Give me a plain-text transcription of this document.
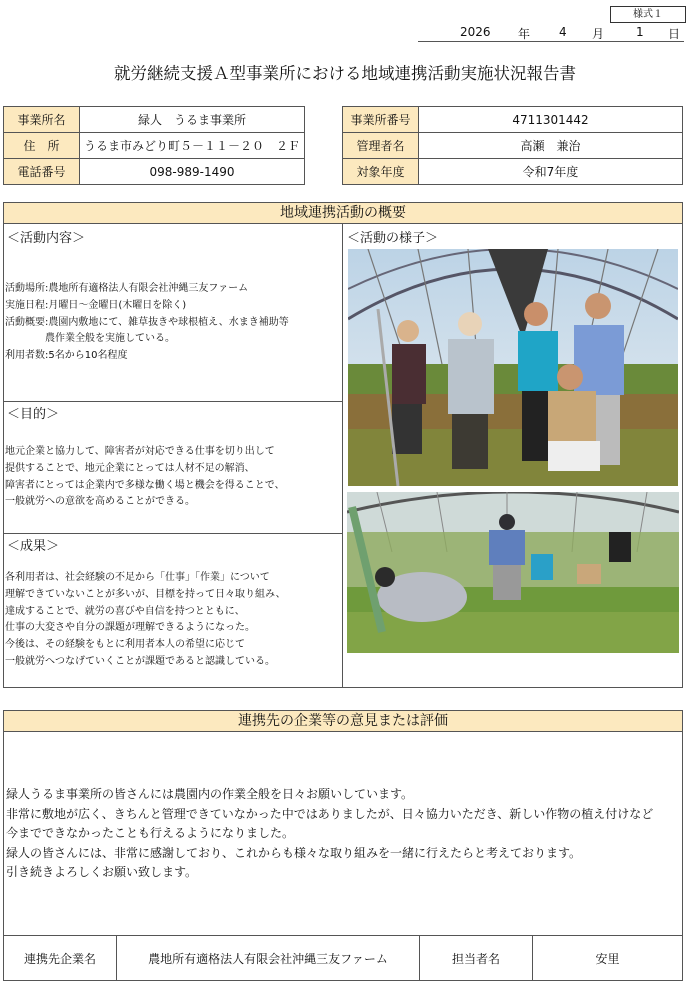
様式１
2026 年 4 月	1 日
就労継続支援Ａ型事業所における地域連携活動実施状況報告書
事業所名	緑人　うるま事業所
住　所	うるま市みどり町５－１１－２０　２Ｆ
電話番号	098-989-1490
事業所番号	4711301442
管理者名	高瀬　兼治
対象年度	令和7年度
地域連携活動の概要
＜活動内容＞
活動場所:農地所有適格法人有限会社沖縄三友ファーム
実施日程:月曜日～金曜日(木曜日を除く)
活動概要:農園内敷地にて、雑草抜きや球根植え、水まき補助等
　　　　農作業全般を実施している。
利用者数:5名から10名程度
＜目的＞
地元企業と協力して、障害者が対応できる仕事を切り出して
提供することで、地元企業にとっては人材不足の解消、
障害者にとっては企業内で多様な働く場と機会を得ることで、
一般就労への意欲を高めることができる。
＜成果＞
各利用者は、社会経験の不足から「仕事」「作業」について
理解できていないことが多いが、目標を持って日々取り組み、
達成することで、就労の喜びや自信を持つとともに、
仕事の大変さや自分の課題が理解できるようになった。
今後は、その経験をもとに利用者本人の希望に応じて
一般就労へつなげていくことが課題であると認識している。
＜活動の様子＞
連携先の企業等の意見または評価
緑人うるま事業所の皆さんには農園内の作業全般を日々お願いしています。
非常に敷地が広く、きちんと管理できていなかった中ではありましたが、日々協力いただき、新しい作物の植え付けなど
今までできなかったことも行えるようになりました。
緑人の皆さんには、非常に感謝しており、これからも様々な取り組みを一緒に行えたらと考えております。
引き続きよろしくお願い致します。
連携先企業名	農地所有適格法人有限会社沖縄三友ファーム	担当者名	安里
